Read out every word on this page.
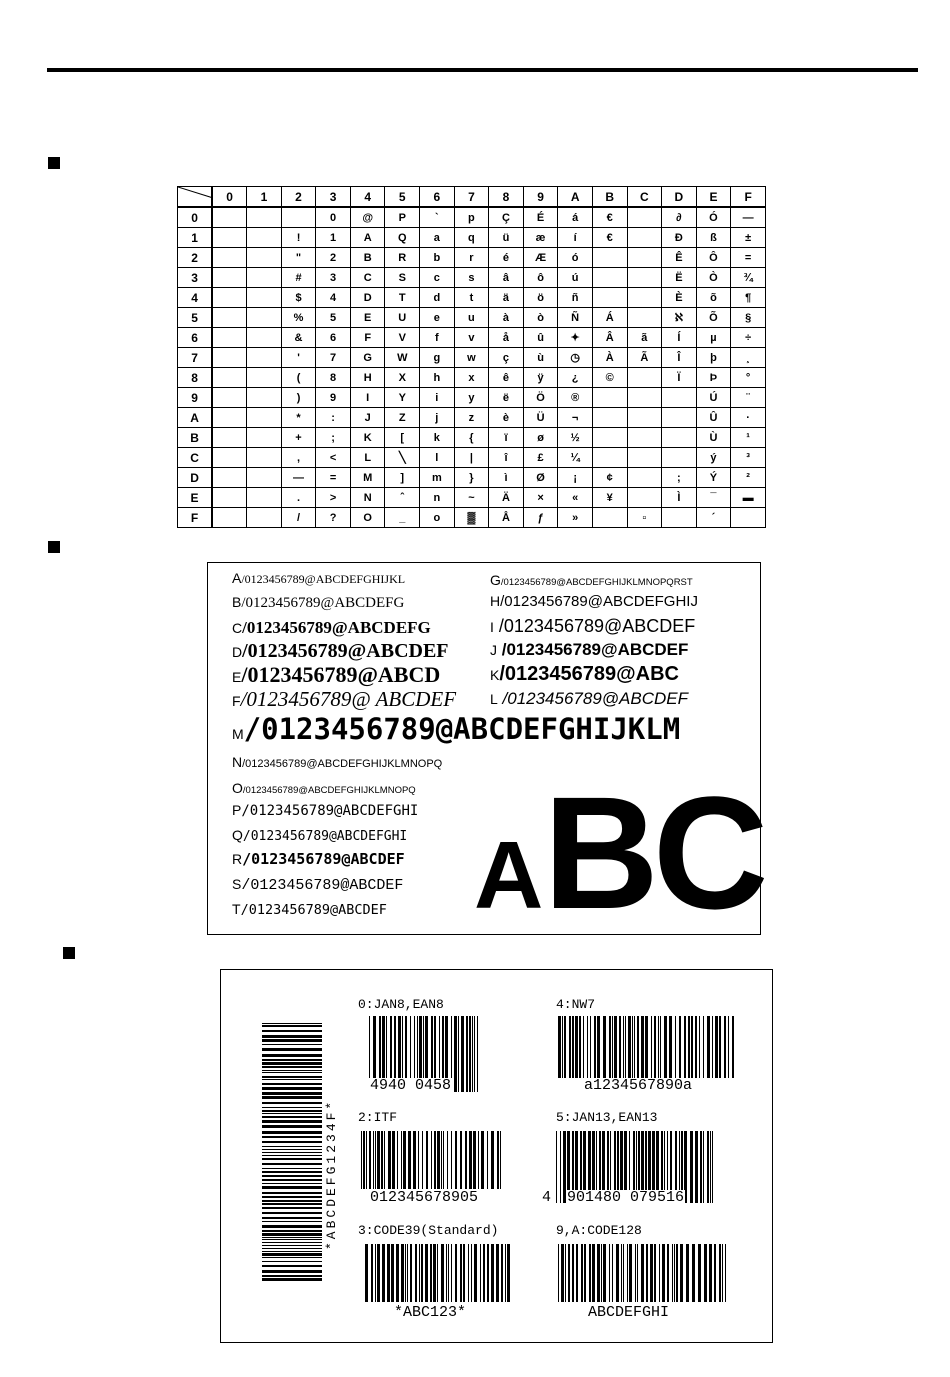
	0	1	2	3	4	5	6	7	8	9	A	B	C	D	E	F
0				0	@	P	`	p	Ç	É	á	€		∂	Ó	—
1			!	1	A	Q	a	q	ü	æ	í	€		Ð	ß	±
2			"	2	B	R	b	r	é	Æ	ó			Ê	Ô	=
3			#	3	C	S	c	s	â	ô	ú			Ë	Ò	¾
4			$	4	D	T	d	t	ä	ö	ñ			È	õ	¶
5			%	5	E	U	e	u	à	ò	Ñ	Á		ℵ	Õ	§
6			&	6	F	V	f	v	å	û	✦	Â	ã	Í	µ	÷
7			'	7	G	W	g	w	ç	ù	◷	À	Ã	Î	þ	¸
8			(	8	H	X	h	x	ê	ÿ	¿	©		Ï	Þ	°
9			)	9	I	Y	i	y	ë	Ö	®				Ú	¨
A			*	:	J	Z	j	z	è	Ü	¬				Û	·
B			+	;	K	[	k	{	ï	ø	½				Ù	¹
C			,	<	L	╲	l	|	î	£	¼				ý	³
D			—	=	M	]	m	}	ì	Ø	¡	¢		;	Ý	²
E			.	>	N	ˆ	n	~	Ä	×	«	¥		Ì	¯	▬
F			/	?	O	_	o	▓	Å	ƒ	»		▫		´	
A/0123456789@ABCDEFGHIJKL
B/0123456789@ABCDEFG
C/0123456789@ABCDEFG
D/0123456789@ABCDEF
E/0123456789@ABCD
F/0123456789@ ABCDEF
G/0123456789@ABCDEFGHIJKLMNOPQRST
H/0123456789@ABCDEFGHIJ
I /0123456789@ABCDEF
J /0123456789@ABCDEF
K/0123456789@ABC
L /0123456789@ABCDEF
M/0123456789@ABCDEFGHIJKLM
N/0123456789@ABCDEFGHIJKLMNOPQ
O/0123456789@ABCDEFGHIJKLMNOPQ
P/0123456789@ABCDEFGHI
Q/0123456789@ABCDEFGHI
R/0123456789@ABCDEF
S/0123456789@ABCDEF
T/0123456789@ABCDEF ABC
0:JAN8,EAN8	4:NW7
2:ITF	5:JAN13,EAN13
3:CODE39(Standard)	9,A:CODE128
4940 0458	a1234567890a
012345678905	4 901480 079516
*ABC123*	ABCDEFGHI
*ABCDEFG1234F*
